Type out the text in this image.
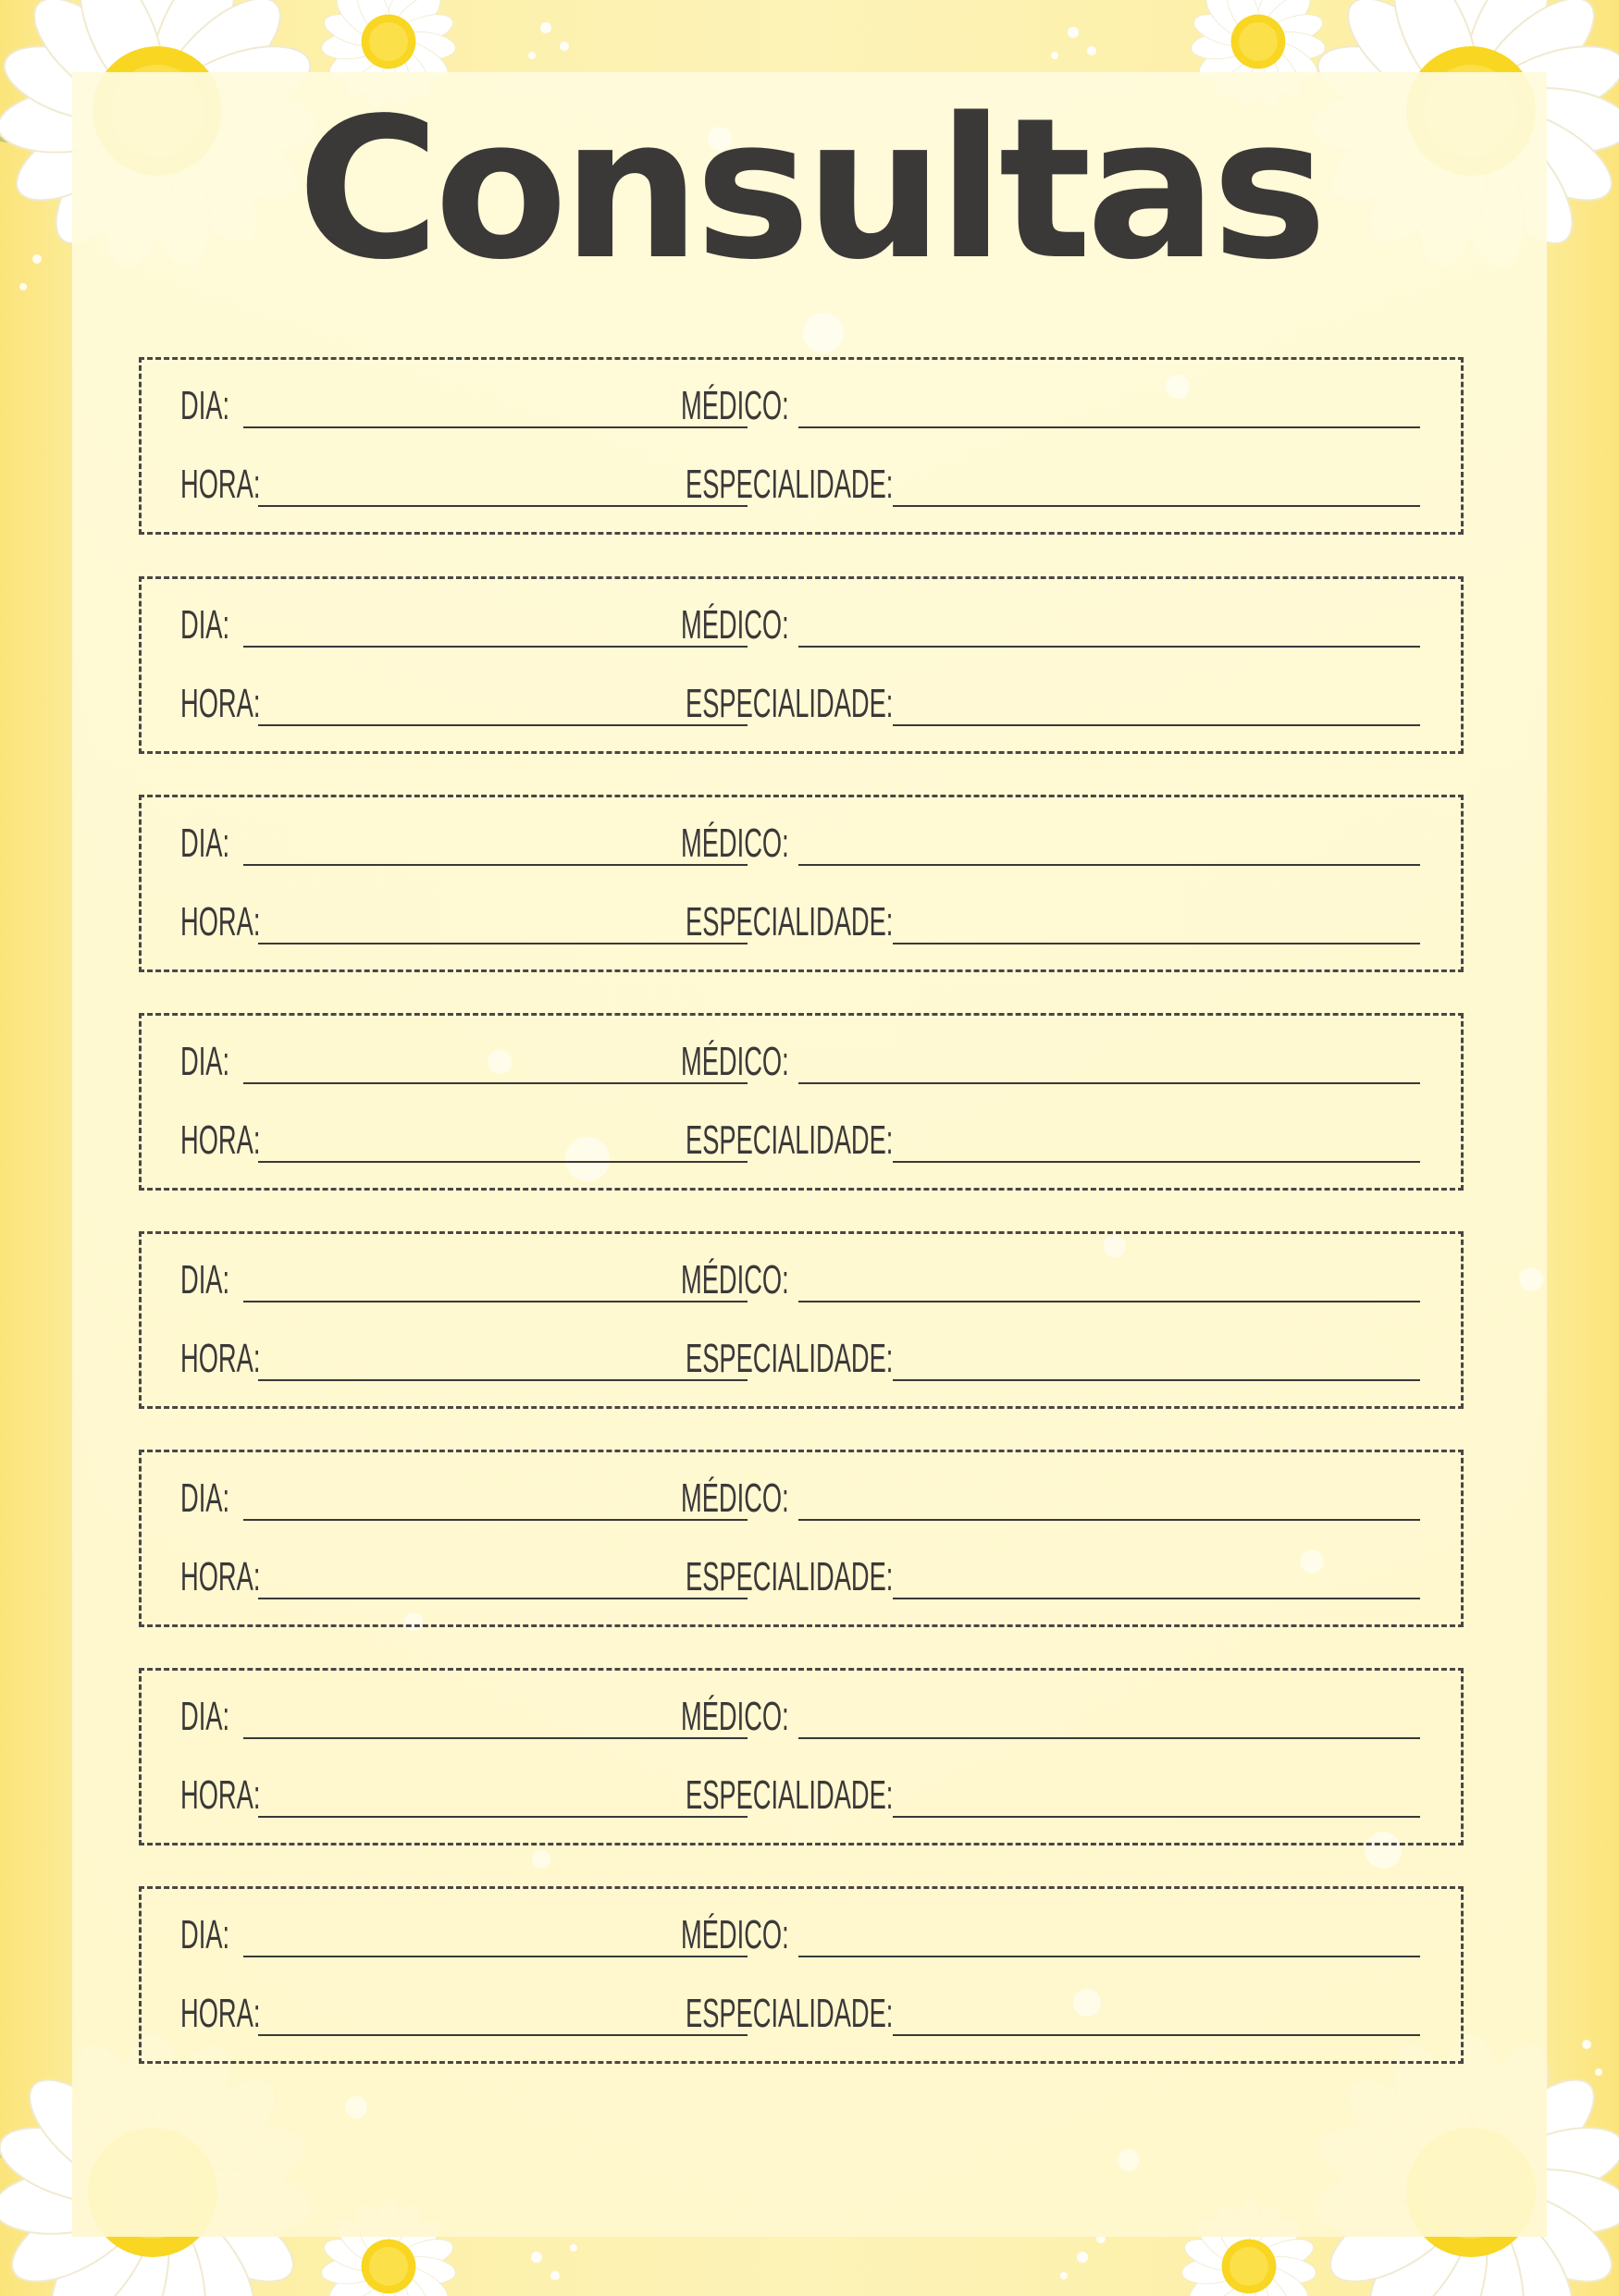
Consultas
DIA:
HORA:
MÉDICO:
ESPECIALIDADE:
DIA:
HORA:
MÉDICO:
ESPECIALIDADE:
DIA:
HORA:
MÉDICO:
ESPECIALIDADE:
DIA:
HORA:
MÉDICO:
ESPECIALIDADE:
DIA:
HORA:
MÉDICO:
ESPECIALIDADE:
DIA:
HORA:
MÉDICO:
ESPECIALIDADE:
DIA:
HORA:
MÉDICO:
ESPECIALIDADE:
DIA:
HORA:
MÉDICO:
ESPECIALIDADE:
